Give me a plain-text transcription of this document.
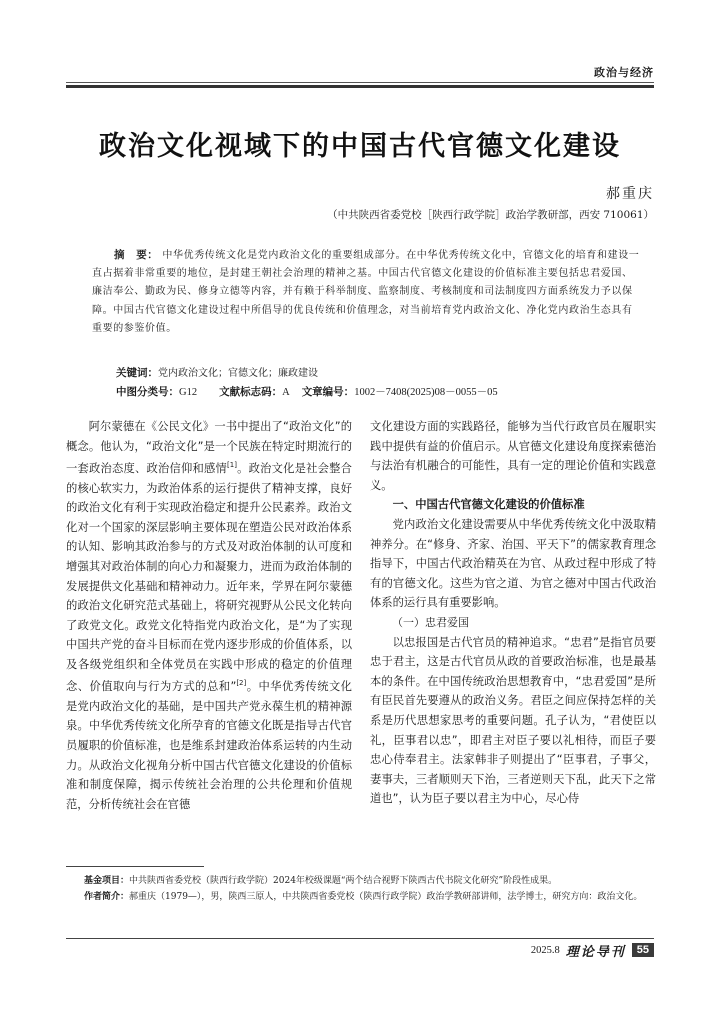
政治与经济
政治文化视域下的中国古代官德文化建设
郝重庆
（中共陕西省委党校［陕西行政学院］政治学教研部，西安 710061）
摘　要： 中华优秀传统文化是党内政治文化的重要组成部分。在中华优秀传统文化中，官德文化的培育和建设一直占据着非常重要的地位，是封建王朝社会治理的精神之基。中国古代官德文化建设的价值标准主要包括忠君爱国、廉洁奉公、勤政为民、修身立德等内容，并有赖于科举制度、监察制度、考核制度和司法制度四方面系统发力予以保障。中国古代官德文化建设过程中所倡导的优良传统和价值理念，对当前培育党内政治文化、净化党内政治生态具有重要的参鉴价值。
关键词：党内政治文化；官德文化；廉政建设
中图分类号：G12 文献标志码：A 文章编号：1002－7408(2025)08－0055－05

阿尔蒙德在《公民文化》一书中提出了“政治文化”的概念。他认为，“政治文化”是一个民族在特定时期流行的一套政治态度、政治信仰和感情[1]。政治文化是社会整合的核心软实力，为政治体系的运行提供了精神支撑，良好的政治文化有利于实现政治稳定和提升公民素养。政治文化对一个国家的深层影响主要体现在塑造公民对政治体系的认知、影响其政治参与的方式及对政治体制的认可度和增强其对政治体制的向心力和凝聚力，进而为政治体制的发展提供文化基础和精神动力。近年来，学界在阿尔蒙德的政治文化研究范式基础上，将研究视野从公民文化转向了政党文化。政党文化特指党内政治文化，是“为了实现中国共产党的奋斗目标而在党内逐步形成的价值体系，以及各级党组织和全体党员在实践中形成的稳定的价值理念、价值取向与行为方式的总和”[2]。中华优秀传统文化是党内政治文化的基础，是中国共产党永葆生机的精神源泉。中华优秀传统文化所孕育的官德文化既是指导古代官员履职的价值标准，也是维系封建政治体系运转的内生动力。从政治文化视角分析中国古代官德文化建设的价值标准和制度保障，揭示传统社会治理的公共伦理和价值规范，分析传统社会在官德

文化建设方面的实践路径，能够为当代行政官员在履职实践中提供有益的价值启示。从官德文化建设角度探索德治与法治有机融合的可能性，具有一定的理论价值和实践意义。
一、中国古代官德文化建设的价值标准

党内政治文化建设需要从中华优秀传统文化中汲取精神养分。在“修身、齐家、治国、平天下”的儒家教育理念指导下，中国古代政治精英在为官、从政过程中形成了特有的官德文化。这些为官之道、为官之德对中国古代政治体系的运行具有重要影响。

（一）忠君爱国

以忠报国是古代官员的精神追求。“忠君”是指官员要忠于君主，这是古代官员从政的首要政治标准，也是最基本的条件。在中国传统政治思想教育中，“忠君爱国”是所有臣民首先要遵从的政治义务。君臣之间应保持怎样的关系是历代思想家思考的重要问题。孔子认为，“君使臣以礼，臣事君以忠”，即君主对臣子要以礼相待，而臣子要忠心侍奉君主。法家韩非子则提出了“臣事君，子事父，妻事夫，三者顺则天下治，三者逆则天下乱，此天下之常道也”，认为臣子要以君主为中心，尽心侍

基金项目：中共陕西省委党校（陕西行政学院）2024年校级课题“两个结合视野下陕西古代书院文化研究”阶段性成果。

作者简介：郝重庆（1979—），男，陕西三原人，中共陕西省委党校（陕西行政学院）政治学教研部讲师，法学博士，研究方向：政治文化。

2025.8 理论导刊	55
